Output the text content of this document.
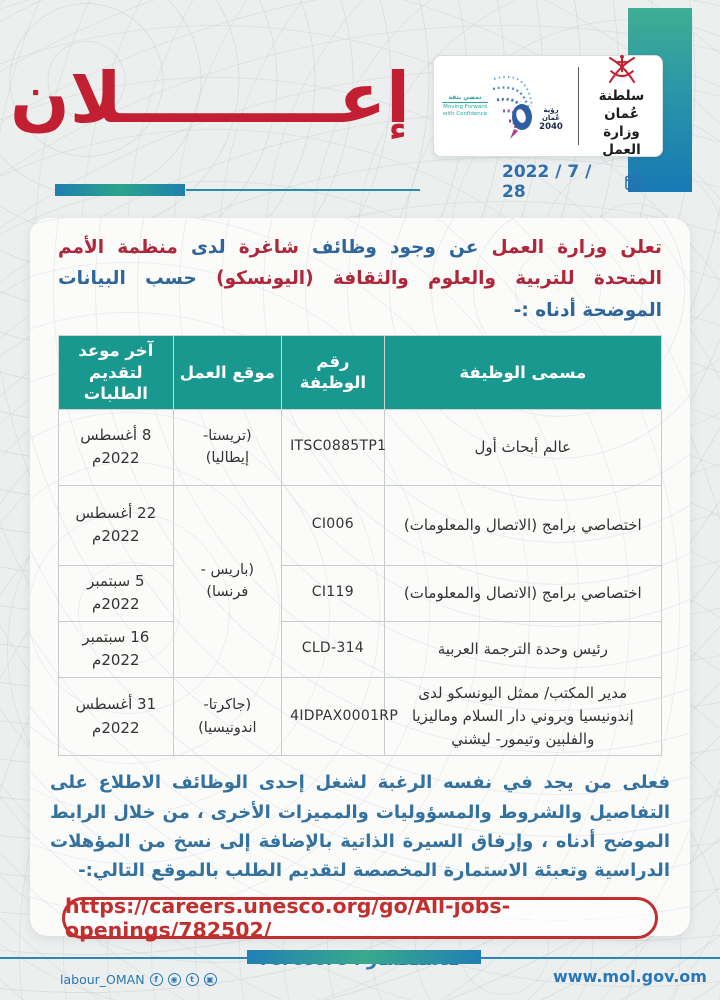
إعـــــــــلان	نمضي بثقة
Moving Forward with Confidence	رؤية عُمان
2040
سلطنة عُمان
وزارة العمل
2022 / 7 / 28

تعلن وزارة العمل عن وجود وظائف شاغرة لدى منظمة الأمم المتحدة للتربية والعلوم والثقافة (اليونسكو) حسب البيانات الموضحة أدناه :-

مسمى الوظيفة	رقم الوظيفة	موقع العمل	آخر موعد لتقديم الطلبات
عالم أبحاث أول	ITSC0885TP1	(تريستا-إيطاليا)	8 أغسطس 2022م
اختصاصي برامج (الاتصال والمعلومات)	CI006	(باريس - فرنسا)	22 أغسطس 2022م
اختصاصي برامج (الاتصال والمعلومات)	CI119		5 سبتمبر 2022م
رئيس وحدة الترجمة العربية	CLD-314		16 سبتمبر 2022م
مدير المكتب/ ممثل اليونسكو لدى إندونيسيا وبروني دار السلام وماليزيا والفلبين وتيمور- ليشني	4IDPAX0001RP	(جاكرتا- اندونيسيا)	31 أغسطس 2022م

فعلى من يجد في نفسه الرغبة لشغل إحدى الوظائف الاطلاع على التفاصيل والشروط والمسؤوليات والمميزات الأخرى ، من خلال الرابط الموضح أدناه ، وإرفاق السيرة الذاتية بالإضافة إلى نسخ من المؤهلات الدراسية وتعبئة الاستمارة المخصصة لتقديم الطلب بالموقع التالي:-

https://careers.unesco.org/go/All-jobs-openings/782502/
labour_OMAN	f	◉	t	▣	www.mol.gov.om
